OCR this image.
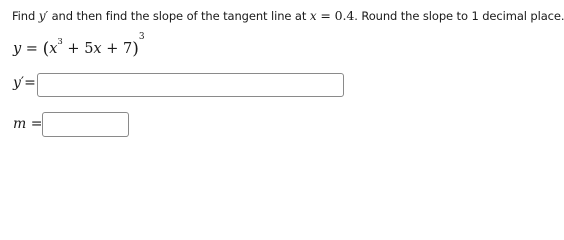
Find y′ and then find the slope of the tangent line at x = 0.4. Round the slope to 1 decimal place.
$y = (x^3 + 5x + 7)^3$
y′=
m =
